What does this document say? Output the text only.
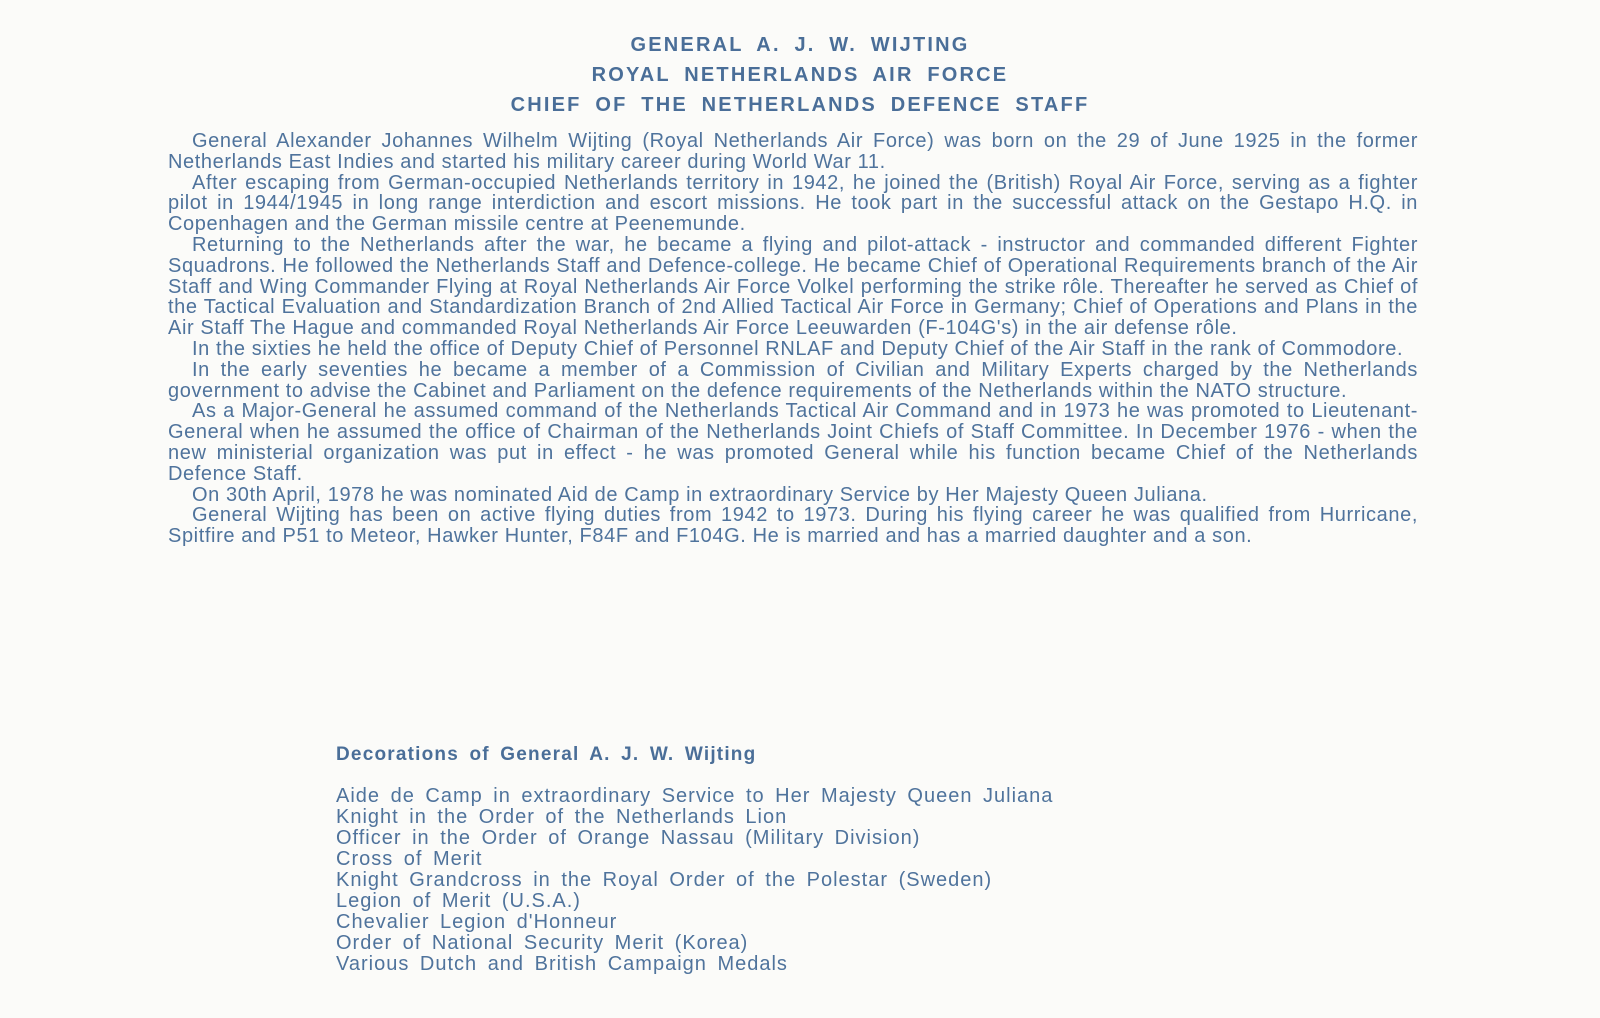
GENERAL A. J. W. WIJTING
ROYAL NETHERLANDS AIR FORCE
CHIEF OF THE NETHERLANDS DEFENCE STAFF

General Alexander Johannes Wilhelm Wijting (Royal Netherlands Air Force) was born on the 29 of June 1925 in the former Netherlands East Indies and started his military career during World War 11.

After escaping from German-occupied Netherlands territory in 1942, he joined the (British) Royal Air Force, serving as a fighter pilot in 1944/1945 in long range interdiction and escort missions. He took part in the successful attack on the Gestapo H.Q. in Copenhagen and the German missile centre at Peenemunde.

Returning to the Netherlands after the war, he became a flying and pilot-attack - instructor and commanded different Fighter Squadrons. He followed the Netherlands Staff and Defence-college. He became Chief of Operational Requirements branch of the Air Staff and Wing Commander Flying at Royal Netherlands Air Force Volkel performing the strike rôle. Thereafter he served as Chief of the Tactical Evaluation and Standardization Branch of 2nd Allied Tactical Air Force in Germany; Chief of Operations and Plans in the Air Staff The Hague and commanded Royal Netherlands Air Force Leeuwarden (F-104G's) in the air defense rôle.

In the sixties he held the office of Deputy Chief of Personnel RNLAF and Deputy Chief of the Air Staff in the rank of Commodore.

In the early seventies he became a member of a Commission of Civilian and Military Experts charged by the Netherlands government to advise the Cabinet and Parliament on the defence requirements of the Netherlands within the NATO structure.

As a Major-General he assumed command of the Netherlands Tactical Air Command and in 1973 he was promoted to Lieutenant-General when he assumed the office of Chairman of the Netherlands Joint Chiefs of Staff Committee. In December 1976 - when the new ministerial organization was put in effect - he was promoted General while his function became Chief of the Netherlands Defence Staff.

On 30th April, 1978 he was nominated Aid de Camp in extraordinary Service by Her Majesty Queen Juliana.

General Wijting has been on active flying duties from 1942 to 1973. During his flying career he was qualified from Hurricane, Spitfire and P51 to Meteor, Hawker Hunter, F84F and F104G. He is married and has a married daughter and a son.

Decorations of General A. J. W. Wijting
Aide de Camp in extraordinary Service to Her Majesty Queen Juliana
Knight in the Order of the Netherlands Lion
Officer in the Order of Orange Nassau (Military Division)
Cross of Merit
Knight Grandcross in the Royal Order of the Polestar (Sweden)
Legion of Merit (U.S.A.)
Chevalier Legion d'Honneur
Order of National Security Merit (Korea)
Various Dutch and British Campaign Medals
